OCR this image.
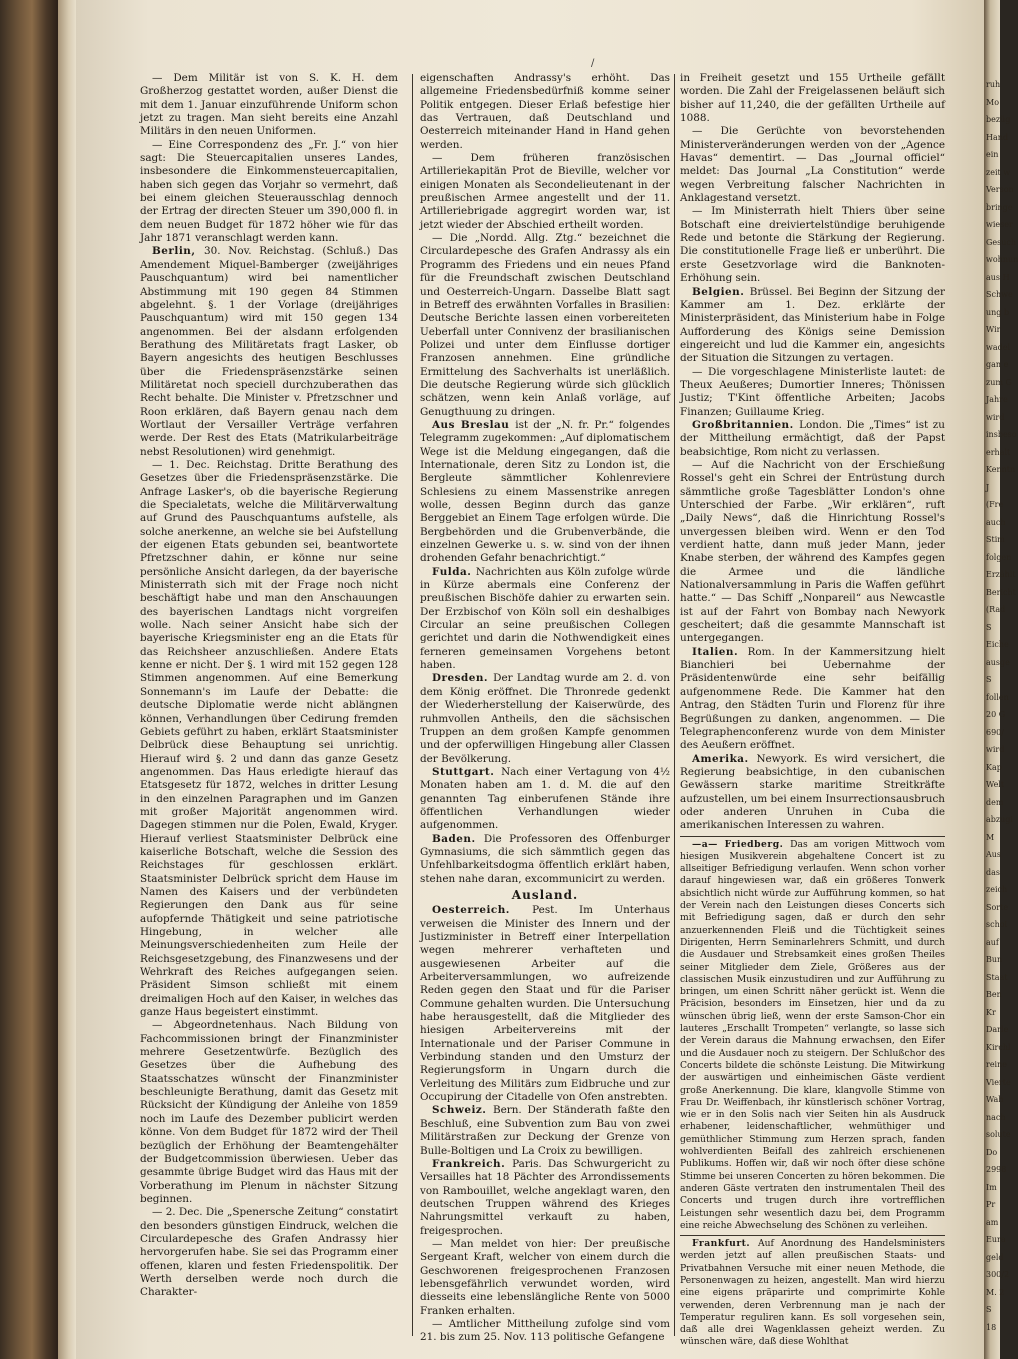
ruh
Mo
bezüg
Hand
ein
zeit w
Verson
bringe
wieser
Gesuch
wohnun
aus H
Schwe
ung b
Wir
wadel
gan e
zum G
Jahre
wird
insbeso
erhalt
Kenntn
J
(Fre
auch
Stim
folgen
Erzählt
Bericht
(Rad
S
Eiche
ausge
S
follen
20 G
690/
wird
Kap
Welt
dem
abzugi
M
Aus
das
zeich
Sorte
schoi
auf
Bun
Staat
Ben
Kr
Darle
Kirchl
reine
Vierte
Wah
nach
solute
Do
2998
Im
Pr
am
Eura
geld
300/2
M. 2
S
18
/

— Dem Militär ist von S. K. H. dem Großherzog gestattet worden, außer Dienst die mit dem 1. Januar einzuführende Uniform schon jetzt zu tragen. Man sieht bereits eine Anzahl Militärs in den neuen Uniformen.

— Eine Correspondenz des „Fr. J.“ von hier sagt: Die Steuercapitalien unseres Landes, insbesondere die Einkommensteuercapitalien, haben sich gegen das Vorjahr so vermehrt, daß bei einem gleichen Steuerausschlag dennoch der Ertrag der directen Steuer um 390,000 fl. in dem neuen Budget für 1872 höher wie für das Jahr 1871 veranschlagt werden kann.

Berlin, 30. Nov. Reichstag. (Schluß.) Das Amendement Miquel-Bamberger (zweijähriges Pauschquantum) wird bei namentlicher Abstimmung mit 190 gegen 84 Stimmen abgelehnt. §. 1 der Vorlage (dreijähriges Pauschquantum) wird mit 150 gegen 134 angenommen. Bei der alsdann erfolgenden Berathung des Militäretats fragt Lasker, ob Bayern angesichts des heutigen Beschlusses über die Friedenspräsenzstärke seinen Militäretat noch speciell durchzuberathen das Recht behalte. Die Minister v. Pfretzschner und Roon erklären, daß Bayern genau nach dem Wortlaut der Versailler Verträge verfahren werde. Der Rest des Etats (Matrikularbeiträge nebst Resolutionen) wird genehmigt.

— 1. Dec. Reichstag. Dritte Berathung des Gesetzes über die Friedenspräsenzstärke. Die Anfrage Lasker's, ob die bayerische Regierung die Specialetats, welche die Militärverwaltung auf Grund des Pauschquantums aufstelle, als solche anerkenne, an welche sie bei Aufstellung der eigenen Etats gebunden sei, beantwortete Pfretzschner dahin, er könne nur seine persönliche Ansicht darlegen, da der bayerische Ministerrath sich mit der Frage noch nicht beschäftigt habe und man den Anschauungen des bayerischen Landtags nicht vorgreifen wolle. Nach seiner Ansicht habe sich der bayerische Kriegsminister eng an die Etats für das Reichsheer anzuschließen. Andere Etats kenne er nicht. Der §. 1 wird mit 152 gegen 128 Stimmen angenommen. Auf eine Bemerkung Sonnemann's im Laufe der Debatte: die deutsche Diplomatie werde nicht ablängnen können, Verhandlungen über Cedirung fremden Gebiets geführt zu haben, erklärt Staatsminister Delbrück diese Behauptung sei unrichtig. Hierauf wird §. 2 und dann das ganze Gesetz angenommen. Das Haus erledigte hierauf das Etatsgesetz für 1872, welches in dritter Lesung in den einzelnen Paragraphen und im Ganzen mit großer Majorität angenommen wird. Dagegen stimmen nur die Polen, Ewald, Kryger. Hierauf verliest Staatsminister Delbrück eine kaiserliche Botschaft, welche die Session des Reichstages für geschlossen erklärt. Staatsminister Delbrück spricht dem Hause im Namen des Kaisers und der verbündeten Regierungen den Dank aus für seine aufopfernde Thätigkeit und seine patriotische Hingebung, in welcher alle Meinungsverschiedenheiten zum Heile der Reichsgesetzgebung, des Finanzwesens und der Wehrkraft des Reiches aufgegangen seien. Präsident Simson schließt mit einem dreimaligen Hoch auf den Kaiser, in welches das ganze Haus begeistert einstimmt.

— Abgeordnetenhaus. Nach Bildung von Fachcommissionen bringt der Finanzminister mehrere Gesetzentwürfe. Bezüglich des Gesetzes über die Aufhebung des Staatsschatzes wünscht der Finanzminister beschleunigte Berathung, damit das Gesetz mit Rücksicht der Kündigung der Anleihe von 1859 noch im Laufe des Dezember publicirt werden könne. Von dem Budget für 1872 wird der Theil bezüglich der Erhöhung der Beamtengehälter der Budgetcommission überwiesen. Ueber das gesammte übrige Budget wird das Haus mit der Vorberathung im Plenum in nächster Sitzung beginnen.

— 2. Dec. Die „Spenersche Zeitung“ constatirt den besonders günstigen Eindruck, welchen die Circulardepesche des Grafen Andrassy hier hervorgerufen habe. Sie sei das Programm einer offenen, klaren und festen Friedenspolitik. Der Werth derselben werde noch durch die Charakter-

eigenschaften Andrassy's erhöht. Das allgemeine Friedensbedürfniß komme seiner Politik entgegen. Dieser Erlaß befestige hier das Vertrauen, daß Deutschland und Oesterreich miteinander Hand in Hand gehen werden.

— Dem früheren französischen Artilleriekapitän Prot de Bieville, welcher vor einigen Monaten als Secondelieutenant in der preußischen Armee angestellt und der 11. Artilleriebrigade aggregirt worden war, ist jetzt wieder der Abschied ertheilt worden.

— Die „Nordd. Allg. Ztg.“ bezeichnet die Circulardepesche des Grafen Andrassy als ein Programm des Friedens und ein neues Pfand für die Freundschaft zwischen Deutschland und Oesterreich-Ungarn. Dasselbe Blatt sagt in Betreff des erwähnten Vorfalles in Brasilien: Deutsche Berichte lassen einen vorbereiteten Ueberfall unter Connivenz der brasilianischen Polizei und unter dem Einflusse dortiger Franzosen annehmen. Eine gründliche Ermittelung des Sachverhalts ist unerläßlich. Die deutsche Regierung würde sich glücklich schätzen, wenn kein Anlaß vorläge, auf Genugthuung zu dringen.

Aus Breslau ist der „N. fr. Pr.“ folgendes Telegramm zugekommen: „Auf diplomatischem Wege ist die Meldung eingegangen, daß die Internationale, deren Sitz zu London ist, die Bergleute sämmtlicher Kohlenreviere Schlesiens zu einem Massenstrike anregen wolle, dessen Beginn durch das ganze Berggebiet an Einem Tage erfolgen würde. Die Bergbehörden und die Grubenverbände, die einzelnen Gewerke u. s. w. sind von der ihnen drohenden Gefahr benachrichtigt.“

Fulda. Nachrichten aus Köln zufolge würde in Kürze abermals eine Conferenz der preußischen Bischöfe dahier zu erwarten sein. Der Erzbischof von Köln soll ein deshalbiges Circular an seine preußischen Collegen gerichtet und darin die Nothwendigkeit eines ferneren gemeinsamen Vorgehens betont haben.

Dresden. Der Landtag wurde am 2. d. von dem König eröffnet. Die Thronrede gedenkt der Wiederherstellung der Kaiserwürde, des ruhmvollen Antheils, den die sächsischen Truppen an dem großen Kampfe genommen und der opferwilligen Hingebung aller Classen der Bevölkerung.

Stuttgart. Nach einer Vertagung von 4½ Monaten haben am 1. d. M. die auf den genannten Tag einberufenen Stände ihre öffentlichen Verhandlungen wieder aufgenommen.

Baden. Die Professoren des Offenburger Gymnasiums, die sich sämmtlich gegen das Unfehlbarkeitsdogma öffentlich erklärt haben, stehen nahe daran, excommunicirt zu werden.

Ausland.

Oesterreich. Pest. Im Unterhaus verweisen die Minister des Innern und der Justizminister in Betreff einer Interpellation wegen mehrerer verhafteten und ausgewiesenen Arbeiter auf die Arbeiterversammlungen, wo aufreizende Reden gegen den Staat und für die Pariser Commune gehalten wurden. Die Untersuchung habe herausgestellt, daß die Mitglieder des hiesigen Arbeitervereins mit der Internationale und der Pariser Commune in Verbindung standen und den Umsturz der Regierungsform in Ungarn durch die Verleitung des Militärs zum Eidbruche und zur Occupirung der Citadelle von Ofen anstrebten.

Schweiz. Bern. Der Ständerath faßte den Beschluß, eine Subvention zum Bau von zwei Militärstraßen zur Deckung der Grenze von Bulle-Boltigen und La Croix zu bewilligen.

Frankreich. Paris. Das Schwurgericht zu Versailles hat 18 Pächter des Arrondissements von Rambouillet, welche angeklagt waren, den deutschen Truppen während des Krieges Nahrungsmittel verkauft zu haben, freigesprochen.

— Man meldet von hier: Der preußische Sergeant Kraft, welcher von einem durch die Geschworenen freigesprochenen Franzosen lebensgefährlich verwundet worden, wird diesseits eine lebenslängliche Rente von 5000 Franken erhalten.

— Amtlicher Mittheilung zufolge sind vom 21. bis zum 25. Nov. 113 politische Gefangene

in Freiheit gesetzt und 155 Urtheile gefällt worden. Die Zahl der Freigelassenen beläuft sich bisher auf 11,240, die der gefällten Urtheile auf 1088.

— Die Gerüchte von bevorstehenden Ministerveränderungen werden von der „Agence Havas“ dementirt. — Das „Journal officiel“ meldet: Das Journal „La Constitution“ werde wegen Verbreitung falscher Nachrichten in Anklagestand versetzt.

— Im Ministerrath hielt Thiers über seine Botschaft eine dreiviertelstündige beruhigende Rede und betonte die Stärkung der Regierung. Die constitutionelle Frage ließ er unberührt. Die erste Gesetzvorlage wird die Banknoten-Erhöhung sein.

Belgien. Brüssel. Bei Beginn der Sitzung der Kammer am 1. Dez. erklärte der Ministerpräsident, das Ministerium habe in Folge Aufforderung des Königs seine Demission eingereicht und lud die Kammer ein, angesichts der Situation die Sitzungen zu vertagen.

— Die vorgeschlagene Ministerliste lautet: de Theux Aeußeres; Dumortier Inneres; Thönissen Justiz; T'Kint öffentliche Arbeiten; Jacobs Finanzen; Guillaume Krieg.

Großbritannien. London. Die „Times“ ist zu der Mittheilung ermächtigt, daß der Papst beabsichtige, Rom nicht zu verlassen.

— Auf die Nachricht von der Erschießung Rossel's geht ein Schrei der Entrüstung durch sämmtliche große Tagesblätter London's ohne Unterschied der Farbe. „Wir erklären“, ruft „Daily News“, daß die Hinrichtung Rossel's unvergessen bleiben wird. Wenn er den Tod verdient hatte, dann muß jeder Mann, jeder Knabe sterben, der während des Kampfes gegen die Armee und die ländliche Nationalversammlung in Paris die Waffen geführt hatte.“ — Das Schiff „Nonpareil“ aus Newcastle ist auf der Fahrt von Bombay nach Newyork gescheitert; daß die gesammte Mannschaft ist untergegangen.

Italien. Rom. In der Kammersitzung hielt Bianchieri bei Uebernahme der Präsidentenwürde eine sehr beifällig aufgenommene Rede. Die Kammer hat den Antrag, den Städten Turin und Florenz für ihre Begrüßungen zu danken, angenommen. — Die Telegraphenconferenz wurde von dem Minister des Aeußern eröffnet.

Amerika. Newyork. Es wird versichert, die Regierung beabsichtige, in den cubanischen Gewässern starke maritime Streitkräfte aufzustellen, um bei einem Insurrectionsausbruch oder anderen Unruhen in Cuba die amerikanischen Interessen zu wahren.

—a— Friedberg. Das am vorigen Mittwoch vom hiesigen Musikverein abgehaltene Concert ist zu allseitiger Befriedigung verlaufen. Wenn schon vorher darauf hingewiesen war, daß ein größeres Tonwerk absichtlich nicht würde zur Aufführung kommen, so hat der Verein nach den Leistungen dieses Concerts sich mit Befriedigung sagen, daß er durch den sehr anzuerkennenden Fleiß und die Tüchtigkeit seines Dirigenten, Herrn Seminarlehrers Schmitt, und durch die Ausdauer und Strebsamkeit eines großen Theiles seiner Mitglieder dem Ziele, Größeres aus der classischen Musik einzustudiren und zur Aufführung zu bringen, um einen Schritt näher gerückt ist. Wenn die Präcision, besonders im Einsetzen, hier und da zu wünschen übrig ließ, wenn der erste Samson-Chor ein lauteres „Erschallt Trompeten“ verlangte, so lasse sich der Verein daraus die Mahnung erwachsen, den Eifer und die Ausdauer noch zu steigern. Der Schlußchor des Concerts bildete die schönste Leistung. Die Mitwirkung der auswärtigen und einheimischen Gäste verdient große Anerkennung. Die klare, klangvolle Stimme von Frau Dr. Weiffenbach, ihr künstlerisch schöner Vortrag, wie er in den Solis nach vier Seiten hin als Ausdruck erhabener, leidenschaftlicher, wehmüthiger und gemüthlicher Stimmung zum Herzen sprach, fanden wohlverdienten Beifall des zahlreich erschienenen Publikums. Hoffen wir, daß wir noch öfter diese schöne Stimme bei unseren Concerten zu hören bekommen. Die anderen Gäste vertraten den instrumentalen Theil des Concerts und trugen durch ihre vortrefflichen Leistungen sehr wesentlich dazu bei, dem Programm eine reiche Abwechselung des Schönen zu verleihen.

Frankfurt. Auf Anordnung des Handelsministers werden jetzt auf allen preußischen Staats- und Privatbahnen Versuche mit einer neuen Methode, die Personenwagen zu heizen, angestellt. Man wird hierzu eine eigens präparirte und comprimirte Kohle verwenden, deren Verbrennung man je nach der Temperatur reguliren kann. Es soll vorgesehen sein, daß alle drei Wagenklassen geheizt werden. Zu wünschen wäre, daß diese Wohlthat
